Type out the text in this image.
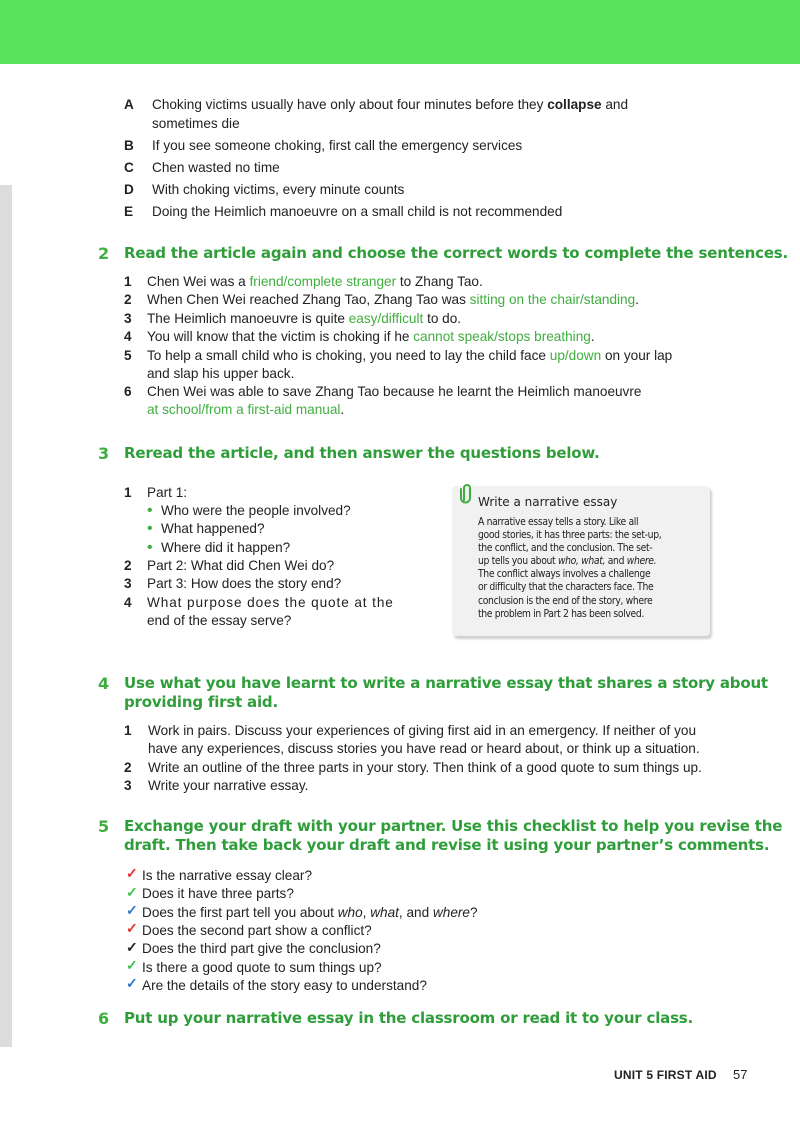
A Choking victims usually have only about four minutes before they collapse and
sometimes die
B If you see someone choking, first call the emergency services
C Chen wasted no time
D With choking victims, every minute counts
E Doing the Heimlich manoeuvre on a small child is not recommended
2 Read the article again and choose the correct words to complete the sentences.
1 Chen Wei was a friend/complete stranger to Zhang Tao.
2 When Chen Wei reached Zhang Tao, Zhang Tao was sitting on the chair/standing.
3 The Heimlich manoeuvre is quite easy/difficult to do.
4 You will know that the victim is choking if he cannot speak/stops breathing.
5 To help a small child who is choking, you need to lay the child face up/down on your lap
and slap his upper back.
6 Chen Wei was able to save Zhang Tao because he learnt the Heimlich manoeuvre
at school/from a first-aid manual.
3 Reread the article, and then answer the questions below.
1 Part 1:
• Who were the people involved?
• What happened?
• Where did it happen?
2 Part 2: What did Chen Wei do?
3 Part 3: How does the story end?
4 What purpose does the quote at the
end of the essay serve?
Write a narrative essay
A narrative essay tells a story. Like all
good stories, it has three parts: the set-up,
the conflict, and the conclusion. The set-
up tells you about who, what, and where.
The conflict always involves a challenge
or difficulty that the characters face. The
conclusion is the end of the story, where
the problem in Part 2 has been solved.
4 Use what you have learnt to write a narrative essay that shares a story about
providing first aid.
1 Work in pairs. Discuss your experiences of giving first aid in an emergency. If neither of you
have any experiences, discuss stories you have read or heard about, or think up a situation.
2 Write an outline of the three parts in your story. Then think of a good quote to sum things up.
3 Write your narrative essay.
5 Exchange your draft with your partner. Use this checklist to help you revise the
draft. Then take back your draft and revise it using your partner’s comments.
✓ Is the narrative essay clear?
✓ Does it have three parts?
✓ Does the first part tell you about who, what, and where?
✓ Does the second part show a conflict?
✓ Does the third part give the conclusion?
✓ Is there a good quote to sum things up?
✓ Are the details of the story easy to understand?
6 Put up your narrative essay in the classroom or read it to your class.
UNIT 5 FIRST AID 57
